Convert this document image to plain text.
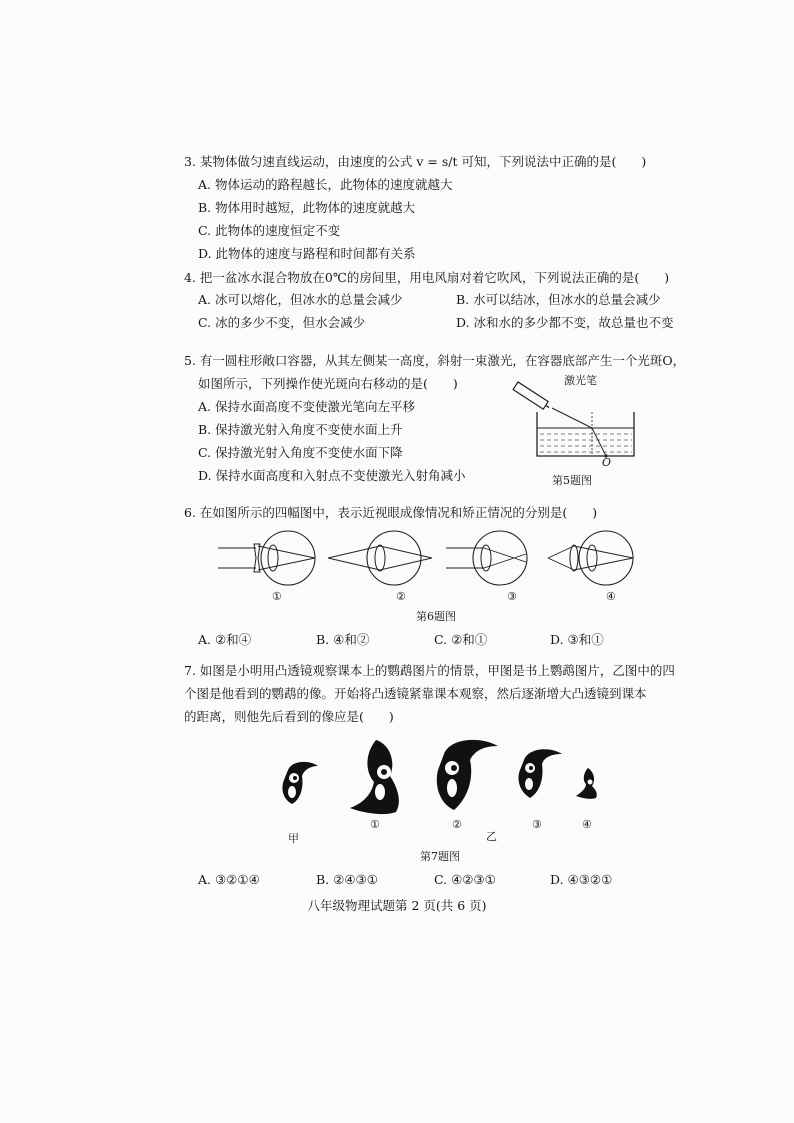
3. 某物体做匀速直线运动，由速度的公式 v = s/t 可知，下列说法中正确的是(　　)
A. 物体运动的路程越长，此物体的速度就越大
B. 物体用时越短，此物体的速度就越大
C. 此物体的速度恒定不变
D. 此物体的速度与路程和时间都有关系
4. 把一盆冰水混合物放在0℃的房间里，用电风扇对着它吹风，下列说法正确的是(　　)
A. 冰可以熔化，但冰水的总量会减少	B. 水可以结冰，但冰水的总量会减少
C. 冰的多少不变，但水会减少	D. 冰和水的多少都不变，故总量也不变
5. 有一圆柱形敞口容器，从其左侧某一高度，斜射一束激光，在容器底部产生一个光斑O，
如图所示，下列操作使光斑向右移动的是(　　)
A. 保持水面高度不变使激光笔向左平移
B. 保持激光射入角度不变使水面上升
C. 保持激光射入角度不变使水面下降
D. 保持水面高度和入射点不变使激光入射角减小
激光笔
O
第5题图
6. 在如图所示的四幅图中，表示近视眼成像情况和矫正情况的分别是(　　)
①	②	③	④
第6题图
A. ②和④	B. ④和②	C. ②和①	D. ③和①
7. 如图是小明用凸透镜观察课本上的鹦鹉图片的情景，甲图是书上鹦鹉图片，乙图中的四
个图是他看到的鹦鹉的像。开始将凸透镜紧靠课本观察，然后逐渐增大凸透镜到课本
的距离，则他先后看到的像应是(　　)
甲
①	②
乙
③	④
第7题图
A. ③②①④	B. ②④③①	C. ④②③①	D. ④③②①
八年级物理试题第 2 页(共 6 页)
